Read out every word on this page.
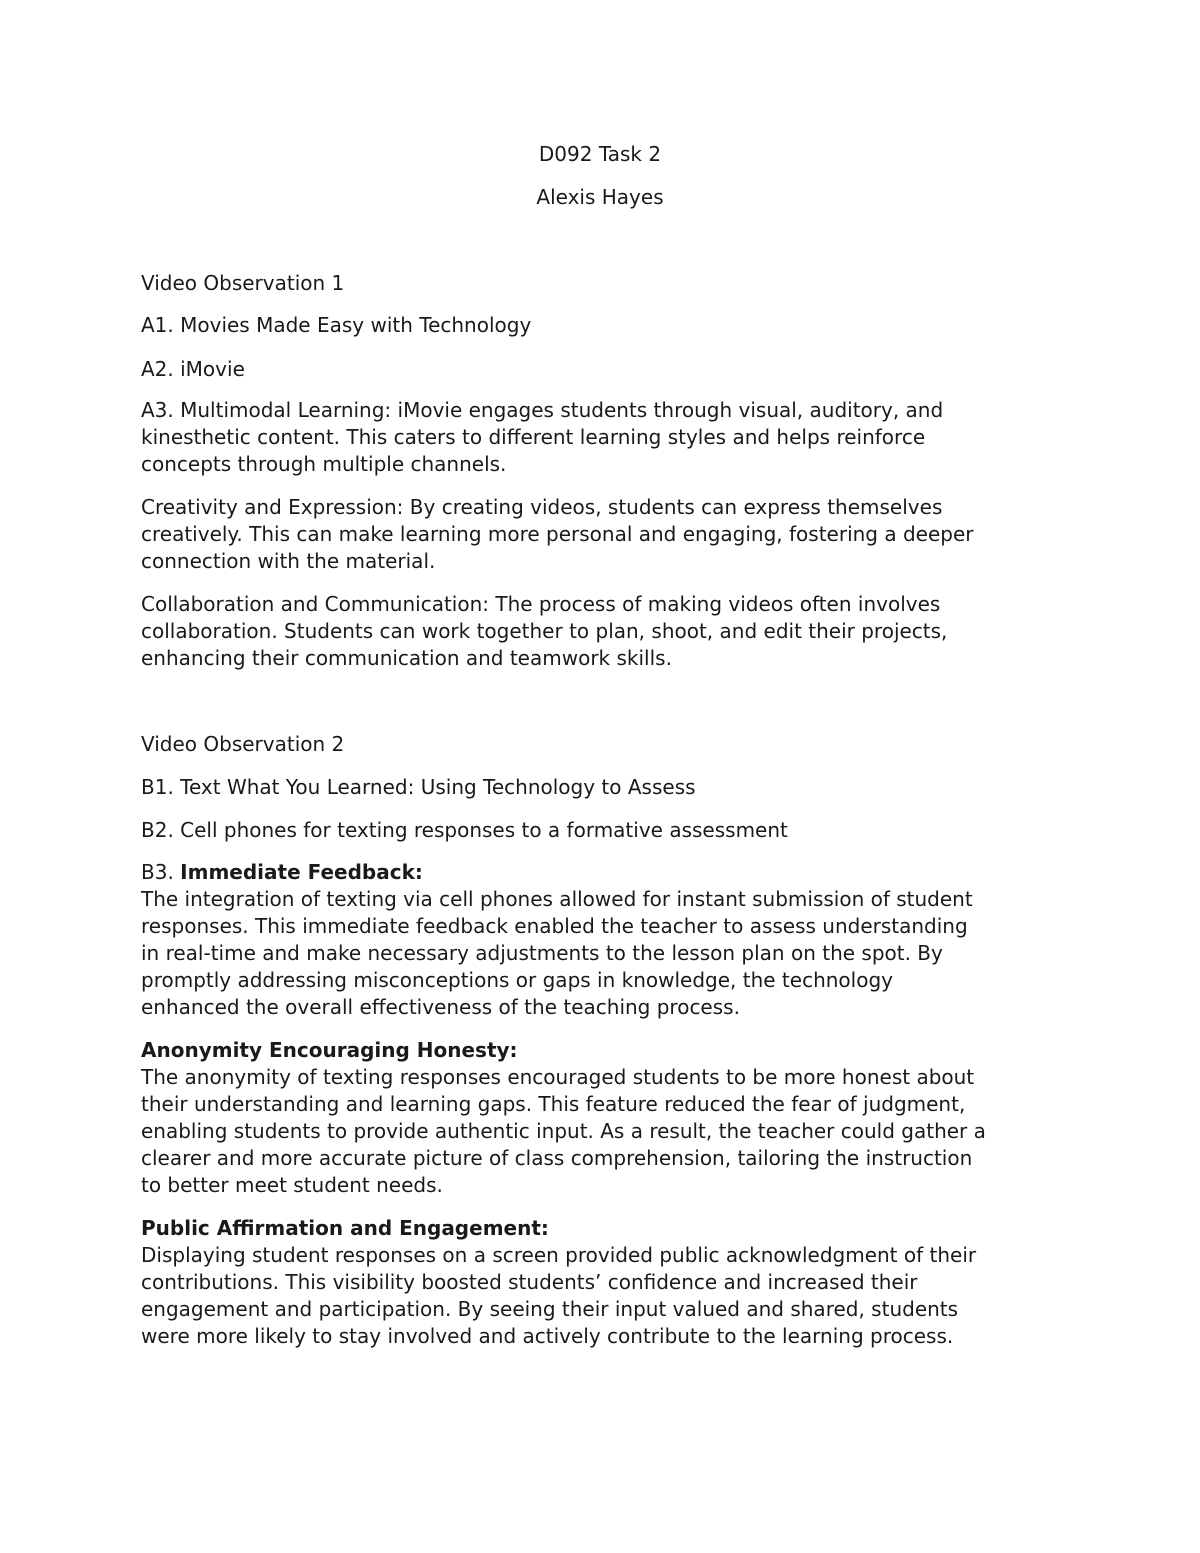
D092 Task 2

Alexis Hayes

Video Observation 1

A1. Movies Made Easy with Technology

A2. iMovie

A3. Multimodal Learning: iMovie engages students through visual, auditory, and
kinesthetic content. This caters to different learning styles and helps reinforce
concepts through multiple channels.
Creativity and Expression: By creating videos, students can express themselves
creatively. This can make learning more personal and engaging, fostering a deeper
connection with the material.
Collaboration and Communication: The process of making videos often involves
collaboration. Students can work together to plan, shoot, and edit their projects,
enhancing their communication and teamwork skills.

Video Observation 2

B1. Text What You Learned: Using Technology to Assess

B2. Cell phones for texting responses to a formative assessment

B3. Immediate Feedback:
The integration of texting via cell phones allowed for instant submission of student
responses. This immediate feedback enabled the teacher to assess understanding
in real-time and make necessary adjustments to the lesson plan on the spot. By
promptly addressing misconceptions or gaps in knowledge, the technology
enhanced the overall effectiveness of the teaching process.
Anonymity Encouraging Honesty:
The anonymity of texting responses encouraged students to be more honest about
their understanding and learning gaps. This feature reduced the fear of judgment,
enabling students to provide authentic input. As a result, the teacher could gather a
clearer and more accurate picture of class comprehension, tailoring the instruction
to better meet student needs.
Public Affirmation and Engagement:
Displaying student responses on a screen provided public acknowledgment of their
contributions. This visibility boosted students’ confidence and increased their
engagement and participation. By seeing their input valued and shared, students
were more likely to stay involved and actively contribute to the learning process.
